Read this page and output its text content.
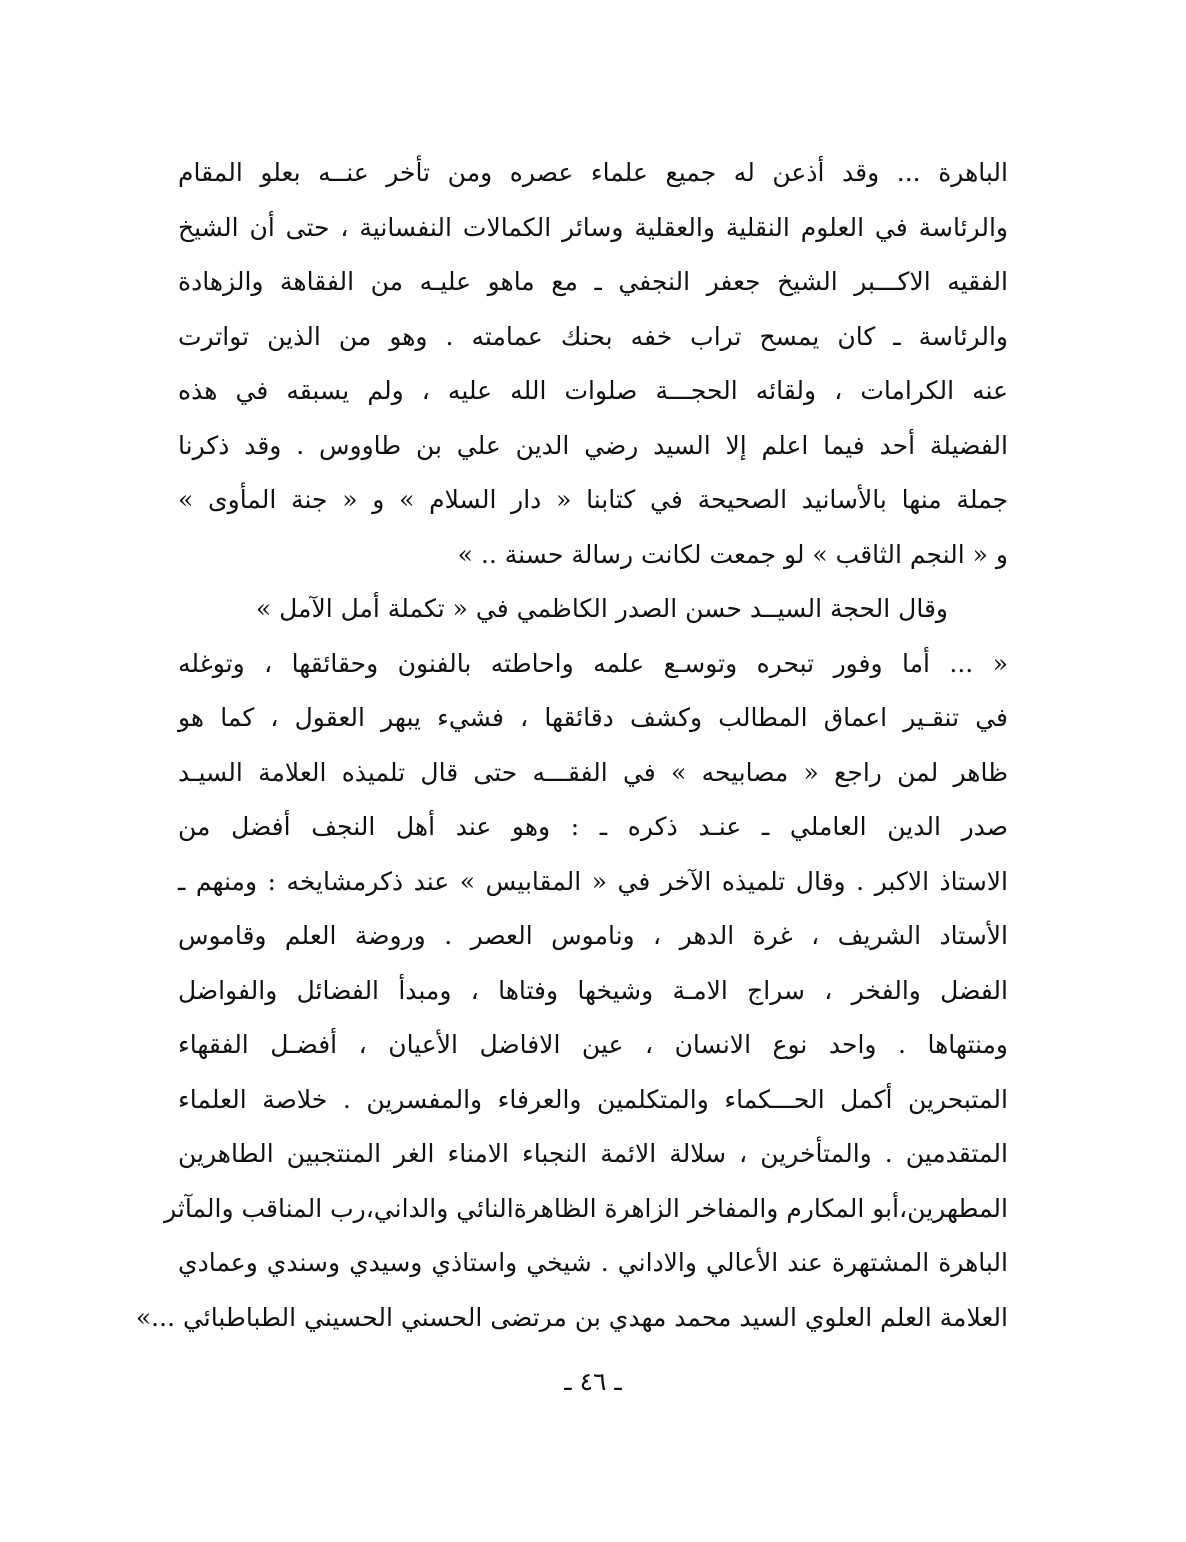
الباهرة ... وقد أذعن له جميع علماء عصره ومن تأخر عنــه بعلو المقام
والرئاسة في العلوم النقلية والعقلية وسائر الكمالات النفسانية ، حتى أن الشيخ
الفقيه الاكـــبر الشيخ جعفر النجفي ـ مع ماهو عليـه من الفقاهة والزهادة
والرئاسة ـ كان يمسح تراب خفه بحنك عمامته . وهو من الذين تواترت
عنه الكرامات ، ولقائه الحجـــة صلوات الله عليه ، ولم يسبقه في هذه
الفضيلة أحد فيما اعلم إلا السيد رضي الدين علي بن طاووس . وقد ذكرنا
جملة منها بالأسانيد الصحيحة في كتابنا « دار السلام » و « جنة المأوى »
و « النجم الثاقب » لو جمعت لكانت رسالة حسنة .. »
وقال الحجة السيــد حسن الصدر الكاظمي في « تكملة أمل الآمل »
« ... أما وفور تبحره وتوسـع علمه واحاطته بالفنون وحقائقها ، وتوغله
في تنقـير اعماق المطالب وكشف دقائقها ، فشيء يبهر العقول ، كما هو
ظاهر لمن راجع « مصابيحه » في الفقـــه حتى قال تلميذه العلامة السيـد
صدر الدين العاملي ـ عنـد ذكره ـ : وهو عند أهل النجف أفضل من
الاستاذ الاكبر . وقال تلميذه الآخر في « المقابيس » عند ذكرمشايخه : ومنهم ـ
الأستاد الشريف ، غرة الدهر ، وناموس العصر . وروضة العلم وقاموس
الفضل والفخر ، سراج الامـة وشيخها وفتاها ، ومبدأ الفضائل والفواضل
ومنتهاها . واحد نوع الانسان ، عين الافاضل الأعيان ، أفضـل الفقهاء
المتبحرين أكمل الحـــكماء والمتكلمين والعرفاء والمفسرين . خلاصة العلماء
المتقدمين . والمتأخرين ، سلالة الائمة النجباء الامناء الغر المنتجبين الطاهرين
المطهرين،أبو المكارم والمفاخر الزاهرة الظاهرةالنائي والداني،رب المناقب والمآثر
الباهرة المشتهرة عند الأعالي والاداني . شيخي واستاذي وسيدي وسندي وعمادي
العلامة العلم العلوي السيد محمد مهدي بن مرتضى الحسني الحسيني الطباطبائي ...»
ـ ٤٦ ـ
